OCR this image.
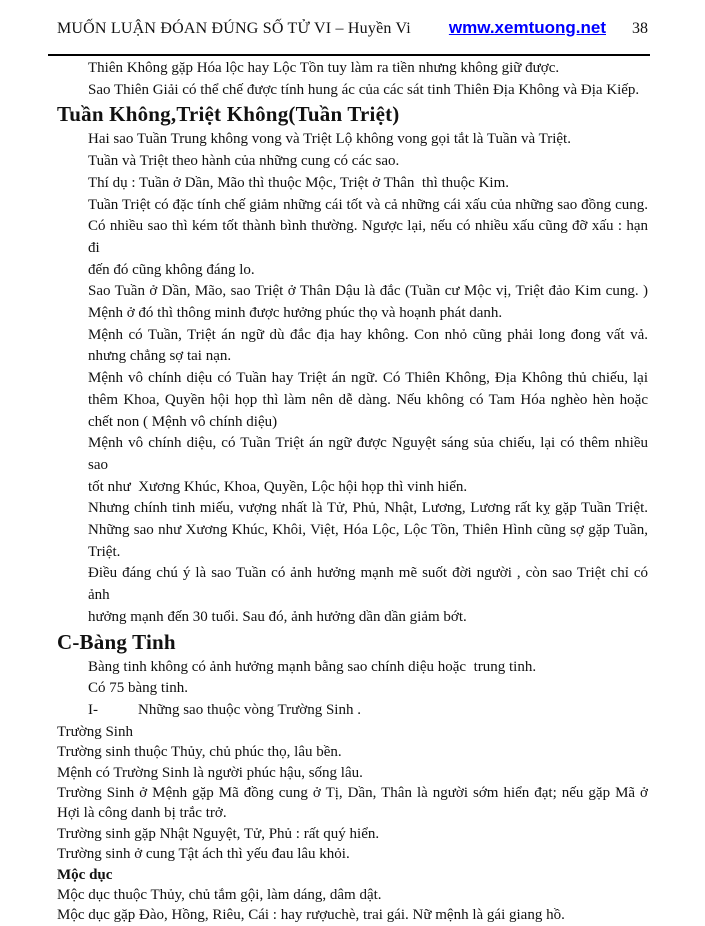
MUỐN LUẬN ĐÓAN ĐÚNG SỐ TỬ VI – Huyền Vi wmw.xemtuong.net 38
Thiên Không gặp Hóa lộc hay Lộc Tồn tuy làm ra tiền nhưng không giữ được.
Sao Thiên Giải có thể chế được tính hung ác của các sát tinh Thiên Địa Không và Địa Kiếp.
Tuần Không,Triệt Không(Tuần Triệt)
Hai sao Tuần Trung không vong và Triệt Lộ không vong gọi tắt là Tuần và Triệt.
Tuần và Triệt theo hành của những cung có các sao.
Thí dụ : Tuần ở Dần, Mão thì thuộc Mộc, Triệt ở Thân  thì thuộc Kim.
Tuần Triệt có đặc tính chế giảm những cái tốt và cả những cái xấu của những sao đồng cung.
Có nhiều sao thì kém tốt thành bình thường. Ngược lại, nếu có nhiều xấu cũng đỡ xấu : hạn đi
đến đó cũng không đáng lo.
Sao Tuần ở Dần, Mão, sao Triệt ở Thân Dậu là đắc (Tuần cư Mộc vị, Triệt đảo Kim cung. )
Mệnh ở đó thì thông minh được hưởng phúc thọ và hoạnh phát danh.
Mệnh có Tuần, Triệt án ngữ dù đắc địa hay không. Con nhỏ cũng phải long đong vất vả.
nhưng chẳng sợ tai nạn.
Mệnh vô chính diệu có Tuần hay Triệt án ngữ. Có Thiên Không, Địa Không thủ chiếu, lại
thêm Khoa, Quyền hội họp thì làm nên dễ dàng. Nếu không có Tam Hóa nghèo hèn hoặc
chết non ( Mệnh vô chính diệu)
Mệnh vô chính diệu, có Tuần Triệt án ngữ được Nguyệt sáng sủa chiếu, lại có thêm nhiều sao
tốt như  Xương Khúc, Khoa, Quyền, Lộc hội họp thì vinh hiển.
Nhưng chính tinh miếu, vượng nhất là Tử, Phủ, Nhật, Lương, Lương rất kỵ gặp Tuần Triệt.
Những sao như Xương Khúc, Khôi, Việt, Hóa Lộc, Lộc Tồn, Thiên Hình cũng sợ gặp Tuần,
Triệt.
Điều đáng chú ý là sao Tuần có ảnh hưởng mạnh mẽ suốt đời người , còn sao Triệt chỉ có ảnh
hưởng mạnh đến 30 tuổi. Sau đó, ảnh hưởng dần dần giảm bớt.
C-Bàng Tinh
Bàng tinh không có ảnh hưởng mạnh bằng sao chính diệu hoặc  trung tinh.
Có 75 bàng tinh.
I-	Những sao thuộc vòng Trường Sinh .
Trường Sinh
Trường sinh thuộc Thủy, chủ phúc thọ, lâu bền.
Mệnh có Trường Sinh là người phúc hậu, sống lâu.
Trường Sinh ở Mệnh gặp Mã đồng cung ở Tị, Dần, Thân là người sớm hiển đạt; nếu gặp Mã ở
Hợi là công danh bị trắc trở.
Trường sinh gặp Nhật Nguyệt, Tử, Phủ : rất quý hiển.
Trường sinh ở cung Tật ách thì yếu đau lâu khỏi.
Mộc dục
Mộc dục thuộc Thủy, chủ tắm gội, làm dáng, dâm dật.
Mộc dục gặp Đào, Hồng, Riêu, Cái : hay rượuchè, trai gái. Nữ mệnh là gái giang hồ.
